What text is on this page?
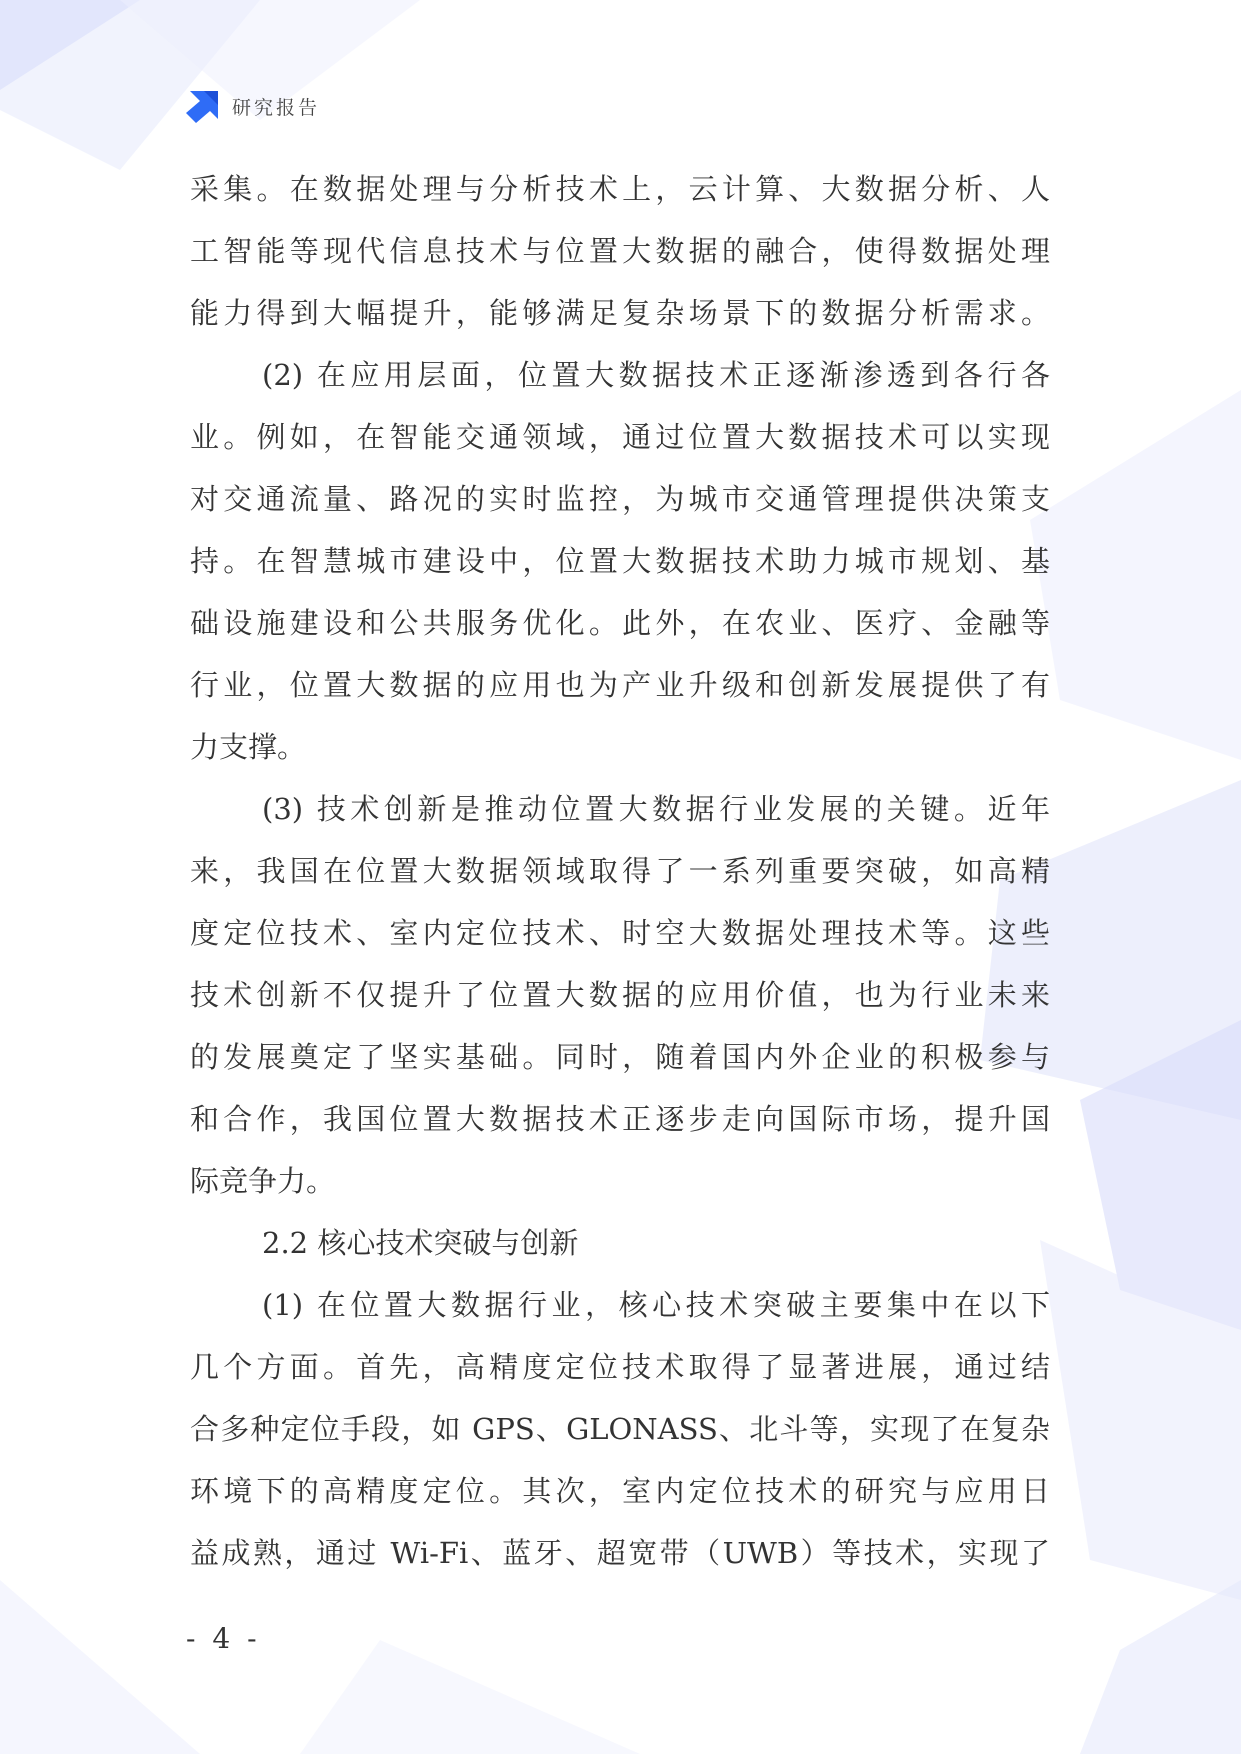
研究报告
采集。在数据处理与分析技术上，云计算、大数据分析、人
工智能等现代信息技术与位置大数据的融合，使得数据处理
能力得到大幅提升，能够满足复杂场景下的数据分析需求。
(2) 在应用层面，位置大数据技术正逐渐渗透到各行各
业。例如，在智能交通领域，通过位置大数据技术可以实现
对交通流量、路况的实时监控，为城市交通管理提供决策支
持。在智慧城市建设中，位置大数据技术助力城市规划、基
础设施建设和公共服务优化。此外，在农业、医疗、金融等
行业，位置大数据的应用也为产业升级和创新发展提供了有
力支撑。
(3) 技术创新是推动位置大数据行业发展的关键。近年
来，我国在位置大数据领域取得了一系列重要突破，如高精
度定位技术、室内定位技术、时空大数据处理技术等。这些
技术创新不仅提升了位置大数据的应用价值，也为行业未来
的发展奠定了坚实基础。同时，随着国内外企业的积极参与
和合作，我国位置大数据技术正逐步走向国际市场，提升国
际竞争力。
2.2 核心技术突破与创新
(1) 在位置大数据行业，核心技术突破主要集中在以下
几个方面。首先，高精度定位技术取得了显著进展，通过结
合多种定位手段，如 GPS、GLONASS、北斗等，实现了在复杂
环境下的高精度定位。其次，室内定位技术的研究与应用日
益成熟，通过 Wi-Fi、蓝牙、超宽带（UWB）等技术，实现了
- 4 -
